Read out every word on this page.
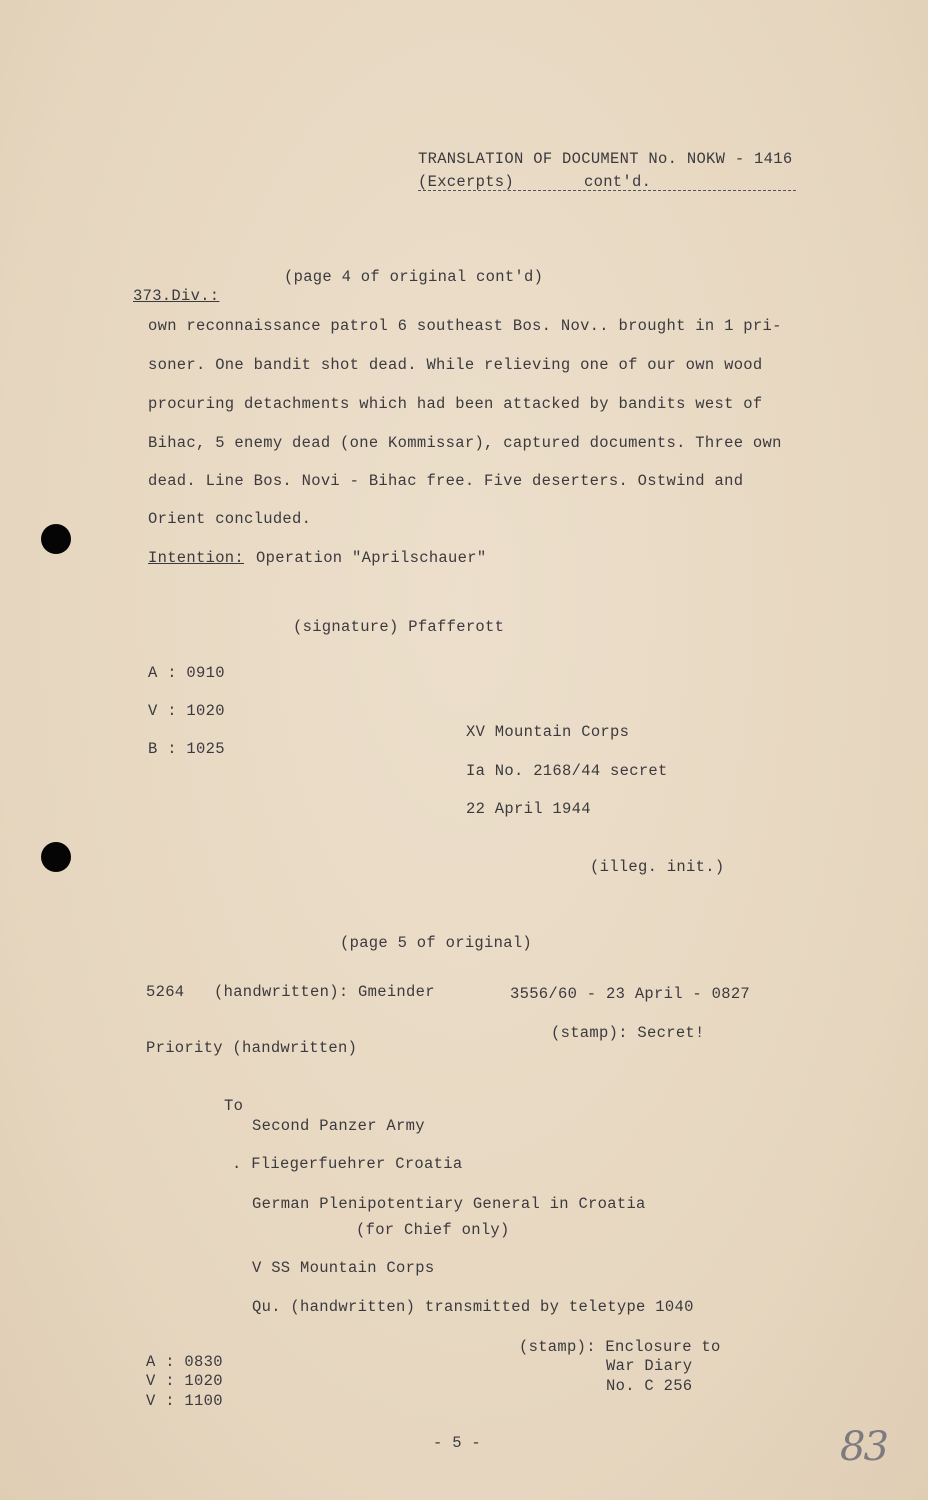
TRANSLATION OF DOCUMENT No. NOKW - 1416
(Excerpts)	cont'd.
(page 4 of original cont'd)
373.Div.:
own reconnaissance patrol 6 southeast Bos. Nov.. brought in 1 pri-
soner. One bandit shot dead. While relieving one of our own wood
procuring detachments which had been attacked by bandits west of
Bihac, 5 enemy dead (one Kommissar), captured documents. Three own
dead. Line Bos. Novi - Bihac free. Five deserters. Ostwind and
Orient concluded.
Intention: Operation "Aprilschauer"
(signature) Pfafferott
A : 0910
V : 1020
B : 1025
XV Mountain Corps
Ia No. 2168/44 secret
22 April 1944
(illeg. init.)
(page 5 of original)
5264 (handwritten): Gmeinder	3556/60 - 23 April - 0827
(stamp): Secret!
Priority (handwritten)
To
Second Panzer Army
. Fliegerfuehrer Croatia
German Plenipotentiary General in Croatia
(for Chief only)
V SS Mountain Corps
Qu. (handwritten) transmitted by teletype 1040
(stamp): Enclosure to
War Diary
No. C 256
A : 0830
V : 1020
V : 1100
- 5 -	83
